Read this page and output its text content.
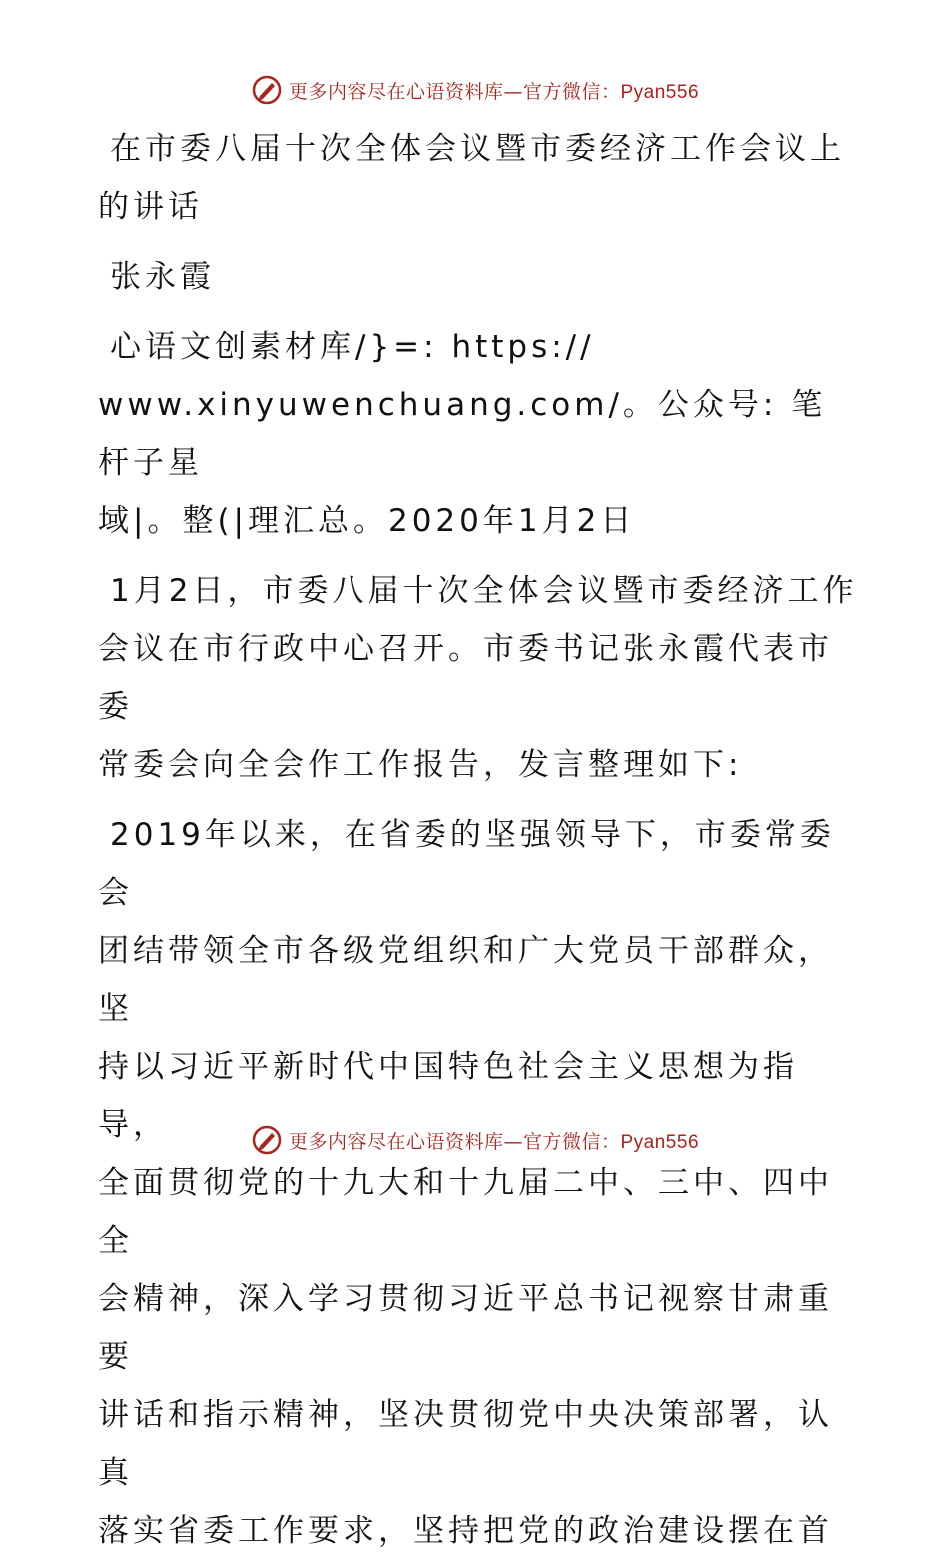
更多内容尽在心语资料库—官方微信：Pyan556

在市委八届十次全体会议暨市委经济工作会议上
的讲话

张永霞

心语文创素材库/}=: https://
www.xinyuwenchuang.com/。公众号: 笔杆子星
域|。整(|理汇总。2020年1月2日

1月2日，市委八届十次全体会议暨市委经济工作
会议在市行政中心召开。市委书记张永霞代表市委
常委会向全会作工作报告，发言整理如下:

2019年以来，在省委的坚强领导下，市委常委会
团结带领全市各级党组织和广大党员干部群众，坚
持以习近平新时代中国特色社会主义思想为指导，
全面贯彻党的十九大和十九届二中、三中、四中全
会精神，深入学习贯彻习近平总书记视察甘肃重要
讲话和指示精神，坚决贯彻党中央决策部署，认真
落实省委工作要求，坚持把党的政治建设摆在首

更多内容尽在心语资料库—官方微信：Pyan556
